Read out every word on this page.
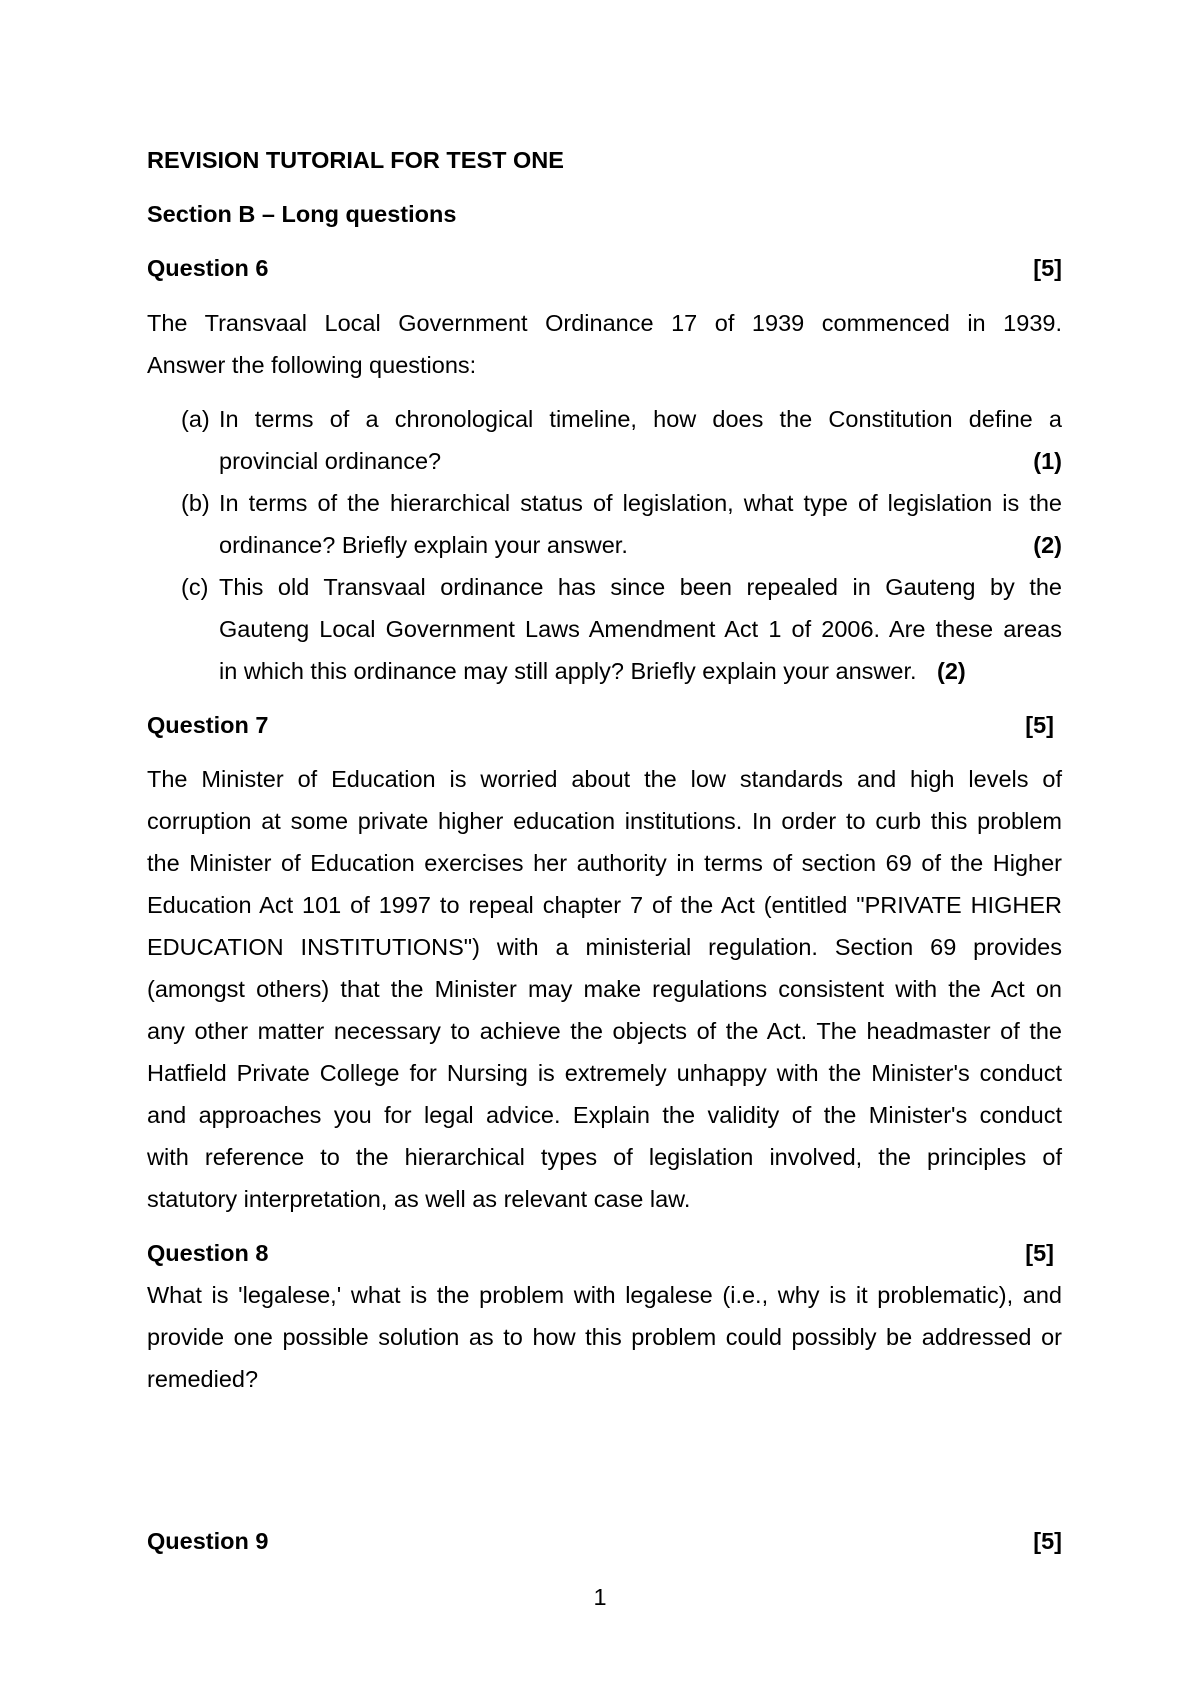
REVISION TUTORIAL FOR TEST ONE
Section B – Long questions
Question 6	[5]
The Transvaal Local Government Ordinance 17 of 1939 commenced in 1939.
Answer the following questions:
(a) In terms of a chronological timeline, how does the Constitution define a
provincial ordinance?	(1)
(b) In terms of the hierarchical status of legislation, what type of legislation is the
ordinance? Briefly explain your answer.	(2)
(c) This old Transvaal ordinance has since been repealed in Gauteng by the
Gauteng Local Government Laws Amendment Act 1 of 2006. Are these areas
in which this ordinance may still apply? Briefly explain your answer. (2)
Question 7	[5]
The Minister of Education is worried about the low standards and high levels of
corruption at some private higher education institutions. In order to curb this problem
the Minister of Education exercises her authority in terms of section 69 of the Higher
Education Act 101 of 1997 to repeal chapter 7 of the Act (entitled "PRIVATE HIGHER
EDUCATION INSTITUTIONS") with a ministerial regulation. Section 69 provides
(amongst others) that the Minister may make regulations consistent with the Act on
any other matter necessary to achieve the objects of the Act. The headmaster of the
Hatfield Private College for Nursing is extremely unhappy with the Minister's conduct
and approaches you for legal advice. Explain the validity of the Minister's conduct
with reference to the hierarchical types of legislation involved, the principles of
statutory interpretation, as well as relevant case law.
Question 8	[5]
What is 'legalese,' what is the problem with legalese (i.e., why is it problematic), and
provide one possible solution as to how this problem could possibly be addressed or
remedied?
Question 9	[5]
1
